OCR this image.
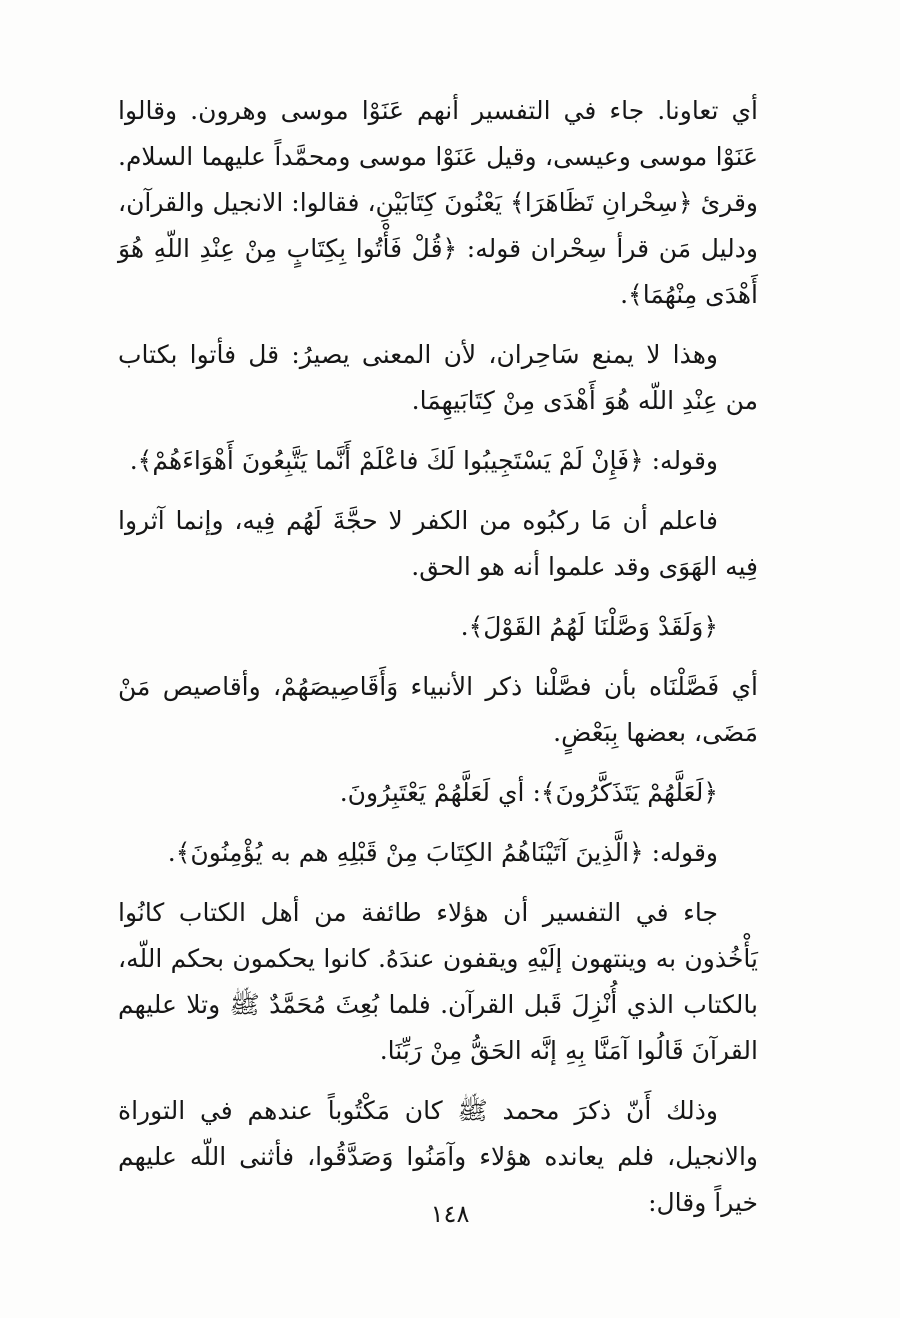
أي تعاونا. جاء في التفسير أنهم عَنَوْا موسى وهرون. وقالوا عَنَوْا موسى وعيسى، وقيل عَنَوْا موسى ومحمَّداً عليهما السلام. وقرئ ﴿سِحْرانِ تَظَاهَرَا﴾ يَعْنُونَ كِتَابَيْنِ، فقالوا: الانجيل والقرآن، ودليل مَن قرأ سِحْران قوله: ﴿قُلْ فَأْتُوا بِكِتَابٍ مِنْ عِنْدِ اللّهِ هُوَ أَهْدَى مِنْهُمَا﴾.

وهذا لا يمنع سَاحِران، لأن المعنى يصيرُ: قل فأتوا بكتاب من عِنْدِ اللّه هُوَ أَهْدَى مِنْ كِتَابَيهِمَا.

وقوله: ﴿فَإِنْ لَمْ يَسْتَجِيبُوا لَكَ فاعْلَمْ أَنَّما يَتَّبِعُونَ أَهْوَاءَهُمْ﴾.

فاعلم أن مَا ركبُوه من الكفر لا حجَّةَ لَهُم فِيه، وإنما آثروا فِيه الهَوَى وقد علموا أنه هو الحق.

﴿وَلَقَدْ وَصَّلْنَا لَهُمُ القَوْلَ﴾.

أي فَصَّلْنَاه بأن فصَّلْنا ذكر الأنبياء وَأَقَاصِيصَهُمْ، وأقاصيص مَنْ مَضَى، بعضها بِبَعْضٍ.

﴿لَعَلَّهُمْ يَتَذَكَّرُونَ﴾: أي لَعَلَّهُمْ يَعْتَبِرُونَ.

وقوله: ﴿الَّذِينَ آتَيْنَاهُمُ الكِتَابَ مِنْ قَبْلِهِ هم به يُؤْمِنُونَ﴾.

جاء في التفسير أن هؤلاء طائفة من أهل الكتاب كانُوا يَأْخُذون به وينتهون إلَيْهِ ويقفون عندَهُ. كانوا يحكمون بحكم اللّه، بالكتاب الذي أُنْزِلَ قَبل القرآن. فلما بُعِثَ مُحَمَّدٌ ﷺ وتلا عليهم القرآنَ قَالُوا آمَنَّا بِهِ إنَّه الحَقُّ مِنْ رَبِّنَا.

وذلك أَنّ ذكرَ محمد ﷺ كان مَكْتُوباً عندهم في التوراة والانجيل، فلم يعانده هؤلاء وآمَنُوا وَصَدَّقُوا، فأثنى اللّه عليهم خيراً وقال:

١٤٨
